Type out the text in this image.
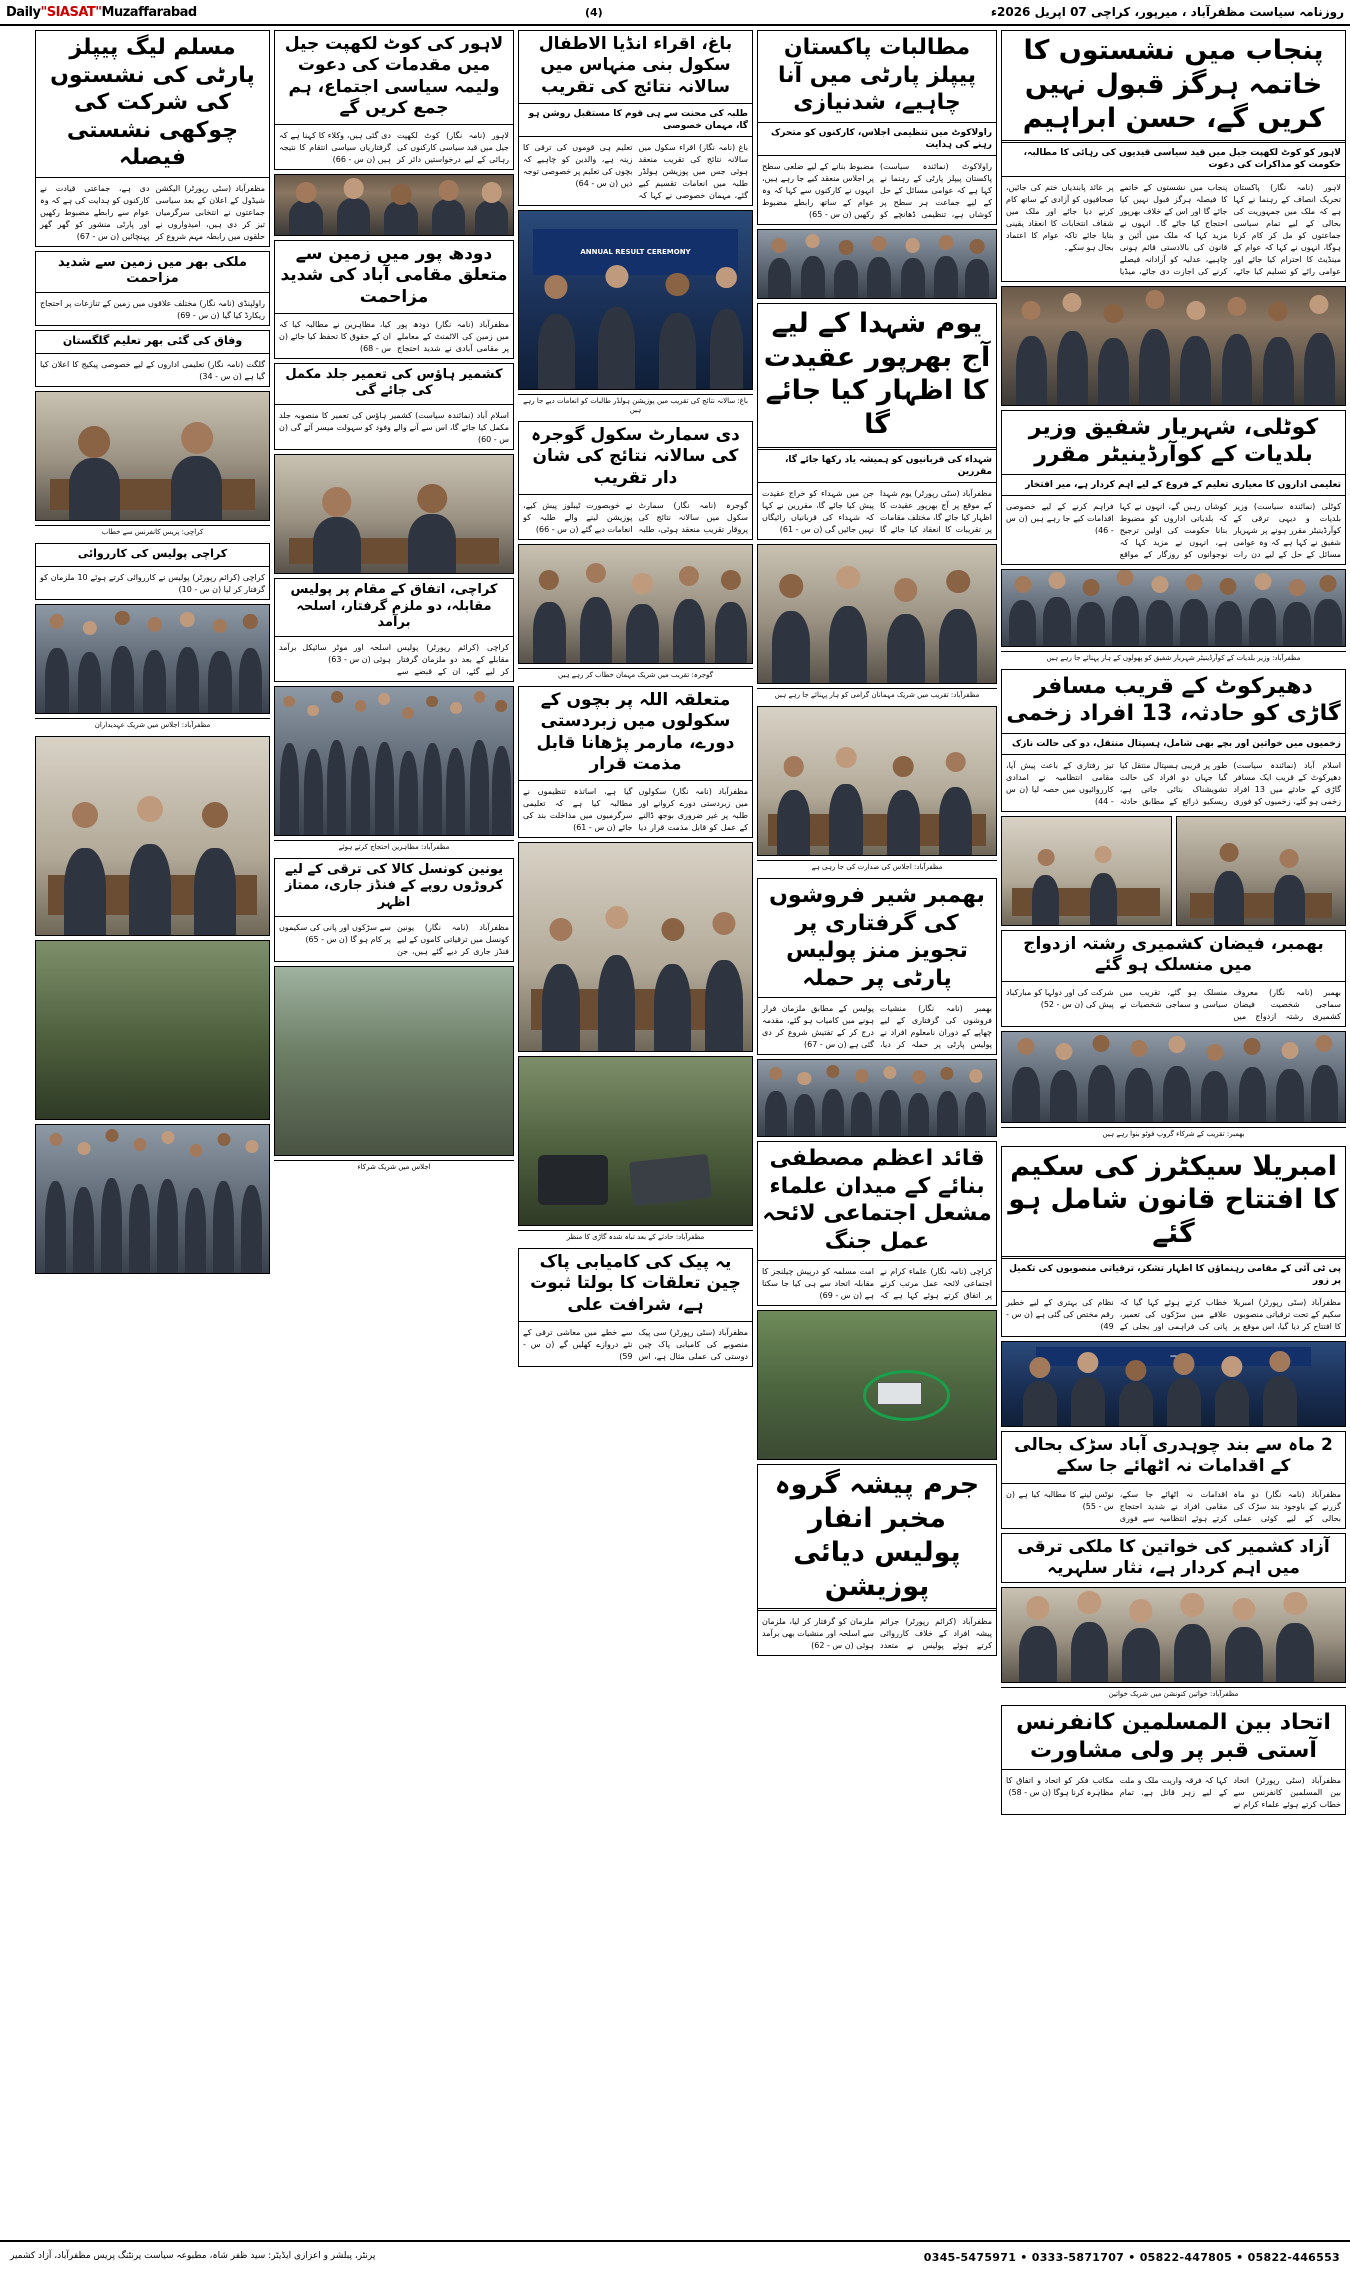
Daily"SIASAT"Muzaffarabad	(4)	روزنامہ سیاست مظفرآباد ، میرپور، کراچی 07 اپریل 2026ء
پنجاب میں نشستوں کا خاتمہ ہرگز قبول نہیں کریں گے، حسن ابراہیم
لاہور کو کوٹ لکھپت جیل میں قید سیاسی قیدیوں کی رہائی کا مطالبہ، حکومت کو مذاکرات کی دعوت
لاہور (نامہ نگار) پاکستان تحریک انصاف کے رہنما نے کہا ہے کہ ملک میں جمہوریت کی بحالی کے لیے تمام سیاسی جماعتوں کو مل کر کام کرنا ہوگا، انہوں نے کہا کہ عوام کے مینڈیٹ کا احترام کیا جائے اور عوامی رائے کو تسلیم کیا جائے، پنجاب میں نشستوں کے خاتمے کا فیصلہ ہرگز قبول نہیں کیا جائے گا اور اس کے خلاف بھرپور احتجاج کیا جائے گا۔ انہوں نے مزید کہا کہ ملک میں آئین و قانون کی بالادستی قائم ہونی چاہیے، عدلیہ کو آزادانہ فیصلے کرنے کی اجازت دی جائے، میڈیا پر عائد پابندیاں ختم کی جائیں، صحافیوں کو آزادی کے ساتھ کام کرنے دیا جائے اور ملک میں شفاف انتخابات کا انعقاد یقینی بنایا جائے تاکہ عوام کا اعتماد بحال ہو سکے۔
کوٹلی، شہریار شفیق وزیر بلدیات کے کوآرڈینیٹر مقرر
تعلیمی اداروں کا معیاری تعلیم کے فروغ کے لیے اہم کردار ہے، میر افتخار
کوٹلی (نمائندہ سیاست) وزیر بلدیات و دیہی ترقی کے کوآرڈینیٹر مقرر ہونے پر شہریار شفیق نے کہا ہے کہ وہ عوامی مسائل کے حل کے لیے دن رات کوشاں رہیں گے، انہوں نے کہا کہ بلدیاتی اداروں کو مضبوط بنانا حکومت کی اولین ترجیح ہے، انہوں نے مزید کہا کہ نوجوانوں کو روزگار کے مواقع فراہم کرنے کے لیے خصوصی اقدامات کیے جا رہے ہیں (ن س - 46)
مظفرآباد: وزیر بلدیات کے کوآرڈینیٹر شہریار شفیق کو پھولوں کے ہار پہنائے جا رہے ہیں
دھیرکوٹ کے قریب مسافر گاڑی کو حادثہ، 13 افراد زخمی
زخمیوں میں خواتین اور بچے بھی شامل، ہسپتال منتقل، دو کی حالت نازک
اسلام آباد (نمائندہ سیاست) دھیرکوٹ کے قریب ایک مسافر گاڑی کے حادثے میں 13 افراد زخمی ہو گئے، زخمیوں کو فوری طور پر قریبی ہسپتال منتقل کیا گیا جہاں دو افراد کی حالت تشویشناک بتائی جاتی ہے، ریسکیو ذرائع کے مطابق حادثہ تیز رفتاری کے باعث پیش آیا، مقامی انتظامیہ نے امدادی کارروائیوں میں حصہ لیا (ن س - 44)
بھمبر، فیضان کشمیری رشتہ ازدواج میں منسلک ہو گئے
بھمبر (نامہ نگار) معروف سماجی شخصیت فیضان کشمیری رشتہ ازدواج میں منسلک ہو گئے، تقریب میں سیاسی و سماجی شخصیات نے شرکت کی اور دولہا کو مبارکباد پیش کی (ن س - 52)
بھمبر: تقریب کے شرکاء گروپ فوٹو بنوا رہے ہیں
امبریلا سیکٹرز کی سکیم کا افتتاح قانون شامل ہو گئے
پی ٹی آئی کے مقامی رہنماؤں کا اظہار تشکر، ترقیاتی منصوبوں کی تکمیل پر زور
مظفرآباد (سٹی رپورٹر) امبریلا سکیم کے تحت ترقیاتی منصوبوں کا افتتاح کر دیا گیا، اس موقع پر خطاب کرتے ہوئے کہا گیا کہ علاقے میں سڑکوں کی تعمیر، پانی کی فراہمی اور بجلی کے نظام کی بہتری کے لیے خطیر رقم مختص کی گئی ہے (ن س - 49)
—
2 ماہ سے بند چوہدری آباد سڑک بحالی کے اقدامات نہ اٹھائے جا سکے
مظفرآباد (نامہ نگار) دو ماہ گزرنے کے باوجود بند سڑک کی بحالی کے لیے کوئی عملی اقدامات نہ اٹھائے جا سکے، مقامی افراد نے شدید احتجاج کرتے ہوئے انتظامیہ سے فوری نوٹس لینے کا مطالبہ کیا ہے (ن س - 55)
آزاد کشمیر کی خواتین کا ملکی ترقی میں اہم کردار ہے، نثار سلہریہ
مظفرآباد: خواتین کنونشن میں شریک خواتین
اتحاد بین المسلمین کانفرنس آستی قبر پر ولی مشاورت
مظفرآباد (سٹی رپورٹر) اتحاد بین المسلمین کانفرنس سے خطاب کرتے ہوئے علماء کرام نے کہا کہ فرقہ واریت ملک و ملت کے لیے زہر قاتل ہے، تمام مکاتب فکر کو اتحاد و اتفاق کا مظاہرہ کرنا ہوگا (ن س - 58)
مطالبات پاکستان پیپلز پارٹی میں آنا چاہیے، شدنیازی
راولاکوٹ میں تنظیمی اجلاس، کارکنوں کو متحرک رہنے کی ہدایت
راولاکوٹ (نمائندہ سیاست) پاکستان پیپلز پارٹی کے رہنما نے کہا ہے کہ عوامی مسائل کے حل کے لیے جماعت ہر سطح پر کوشاں ہے، تنظیمی ڈھانچے کو مضبوط بنانے کے لیے ضلعی سطح پر اجلاس منعقد کیے جا رہے ہیں، انہوں نے کارکنوں سے کہا کہ وہ عوام کے ساتھ رابطے مضبوط رکھیں (ن س - 65)
یوم شہدا کے لیے آج بھرپور عقیدت کا اظہار کیا جائے گا
شہداء کی قربانیوں کو ہمیشہ یاد رکھا جائے گا، مقررین
مظفرآباد (سٹی رپورٹر) یوم شہدا کے موقع پر آج بھرپور عقیدت کا اظہار کیا جائے گا، مختلف مقامات پر تقریبات کا انعقاد کیا جائے گا جن میں شہداء کو خراج عقیدت پیش کیا جائے گا، مقررین نے کہا کہ شہداء کی قربانیاں رائیگاں نہیں جائیں گی (ن س - 61)
مظفرآباد: تقریب میں شریک مہمانان گرامی کو ہار پہنائے جا رہے ہیں
مظفرآباد: اجلاس کی صدارت کی جا رہی ہے
بھمبر شیر فروشوں کی گرفتاری پر تجویز منز پولیس پارٹی پر حملہ
بھمبر (نامہ نگار) منشیات فروشوں کی گرفتاری کے لیے چھاپے کے دوران نامعلوم افراد نے پولیس پارٹی پر حملہ کر دیا، پولیس کے مطابق ملزمان فرار ہونے میں کامیاب ہو گئے، مقدمہ درج کر کے تفتیش شروع کر دی گئی ہے (ن س - 67)
قائد اعظم مصطفی بنائے کے میدان علماء مشعل اجتماعی لائحہ عمل جنگ
کراچی (نامہ نگار) علماء کرام نے اجتماعی لائحہ عمل مرتب کرنے پر اتفاق کرتے ہوئے کہا ہے کہ امت مسلمہ کو درپیش چیلنجز کا مقابلہ اتحاد سے ہی کیا جا سکتا ہے (ن س - 69)
جرم پیشہ گروہ مخبر انفار پولیس دیائی پوزیشن
مظفرآباد (کرائم رپورٹر) جرائم پیشہ افراد کے خلاف کارروائی کرتے ہوئے پولیس نے متعدد ملزمان کو گرفتار کر لیا، ملزمان سے اسلحہ اور منشیات بھی برآمد ہوئی (ن س - 62)
باغ، اقراء انڈیا الاطفال سکول بنی منہاس میں سالانہ نتائج کی تقریب
طلبہ کی محنت سے ہی قوم کا مستقبل روشن ہو گا، مہمان خصوصی
باغ (نامہ نگار) اقراء سکول میں سالانہ نتائج کی تقریب منعقد ہوئی جس میں پوزیشن ہولڈر طلبہ میں انعامات تقسیم کیے گئے، مہمان خصوصی نے کہا کہ تعلیم ہی قوموں کی ترقی کا زینہ ہے، والدین کو چاہیے کہ بچوں کی تعلیم پر خصوصی توجہ دیں (ن س - 64)
ANNUAL RESULT CEREMONY
باغ: سالانہ نتائج کی تقریب میں پوزیشن ہولڈر طالبات کو انعامات دیے جا رہے ہیں
دی سمارٹ سکول گوجرہ کی سالانہ نتائج کی شان دار تقریب
گوجرہ (نامہ نگار) سمارٹ سکول میں سالانہ نتائج کی پروقار تقریب منعقد ہوئی، طلبہ نے خوبصورت ٹیبلوز پیش کیے، پوزیشن لینے والے طلبہ کو انعامات دیے گئے (ن س - 66)
گوجرہ: تقریب میں شریک مہمان خطاب کر رہے ہیں
متعلقہ اللہ پر بچوں کے سکولوں میں زبردستی دورے، مارمر پڑھانا قابل مذمت قرار
مظفرآباد (نامہ نگار) سکولوں میں زبردستی دورے کروانے اور طلبہ پر غیر ضروری بوجھ ڈالنے کے عمل کو قابل مذمت قرار دیا گیا ہے، اساتذہ تنظیموں نے مطالبہ کیا ہے کہ تعلیمی سرگرمیوں میں مداخلت بند کی جائے (ن س - 61)
مظفرآباد: حادثے کے بعد تباہ شدہ گاڑی کا منظر
یہ پیک کی کامیابی پاک چین تعلقات کا بولتا ثبوت ہے، شرافت علی
مظفرآباد (سٹی رپورٹر) سی پیک منصوبے کی کامیابی پاک چین دوستی کی عملی مثال ہے، اس سے خطے میں معاشی ترقی کے نئے دروازے کھلیں گے (ن س - 59)
لاہور کی کوٹ لکھپت جیل میں مقدمات کی دعوت ولیمہ سیاسی اجتماع، ہم جمع کریں گے
لاہور (نامہ نگار) کوٹ لکھپت جیل میں قید سیاسی کارکنوں کی رہائی کے لیے درخواستیں دائر کر دی گئی ہیں، وکلاء کا کہنا ہے کہ گرفتاریاں سیاسی انتقام کا نتیجہ ہیں (ن س - 66)
دودھ پور میں زمین سے متعلق مقامی آباد کی شدید مزاحمت
مظفرآباد (نامہ نگار) دودھ پور میں زمین کی الاٹمنٹ کے معاملے پر مقامی آبادی نے شدید احتجاج کیا، مظاہرین نے مطالبہ کیا کہ ان کے حقوق کا تحفظ کیا جائے (ن س - 68)
کشمیر ہاؤس کی تعمیر جلد مکمل کی جائے گی
اسلام آباد (نمائندہ سیاست) کشمیر ہاؤس کی تعمیر کا منصوبہ جلد مکمل کیا جائے گا، اس سے آنے والے وفود کو سہولت میسر آئے گی (ن س - 60)
کراچی، اتفاق کے مقام پر پولیس مقابلہ، دو ملزم گرفتار، اسلحہ برآمد
کراچی (کرائم رپورٹر) پولیس مقابلے کے بعد دو ملزمان گرفتار کر لیے گئے، ان کے قبضے سے اسلحہ اور موٹر سائیکل برآمد ہوئی (ن س - 63)
مظفرآباد: مظاہرین احتجاج کرتے ہوئے
یونین کونسل کالا کی ترقی کے لیے کروڑوں روپے کے فنڈز جاری، ممتاز اظہر
مظفرآباد (نامہ نگار) یونین کونسل میں ترقیاتی کاموں کے لیے فنڈز جاری کر دیے گئے ہیں، جن سے سڑکوں اور پانی کی سکیموں پر کام ہو گا (ن س - 65)
اجلاس میں شریک شرکاء
مسلم لیگ پیپلز پارٹی کی نشستوں کی شرکت کی چوکھی نشستی فیصلہ
مظفرآباد (سٹی رپورٹر) الیکشن شیڈول کے اعلان کے بعد سیاسی جماعتوں نے انتخابی سرگرمیاں تیز کر دی ہیں، امیدواروں نے حلقوں میں رابطہ مہم شروع کر دی ہے، جماعتی قیادت نے کارکنوں کو ہدایت کی ہے کہ وہ عوام سے رابطے مضبوط رکھیں اور پارٹی منشور کو گھر گھر پہنچائیں (ن س - 67)
ملکی بھر میں زمین سے شدید مزاحمت
راولپنڈی (نامہ نگار) مختلف علاقوں میں زمین کے تنازعات پر احتجاج ریکارڈ کیا گیا (ن س - 69)
وفاق کی گئی بھر تعلیم گلگستان
گلگت (نامہ نگار) تعلیمی اداروں کے لیے خصوصی پیکیج کا اعلان کیا گیا ہے (ن س - 34)
کراچی: پریس کانفرنس سے خطاب
کراچی پولیس کی کارروائی
کراچی (کرائم رپورٹر) پولیس نے کارروائی کرتے ہوئے 10 ملزمان کو گرفتار کر لیا (ن س - 10)
مظفرآباد: اجلاس میں شریک عہدیداران
0345-5475971 • 0333-5871707 • 05822-447805 • 05822-446553
پرنٹر، پبلشر و اعزازی ایڈیٹر: سید ظفر شاہ، مطبوعہ سیاست پرنٹنگ پریس مظفرآباد، آزاد کشمیر
